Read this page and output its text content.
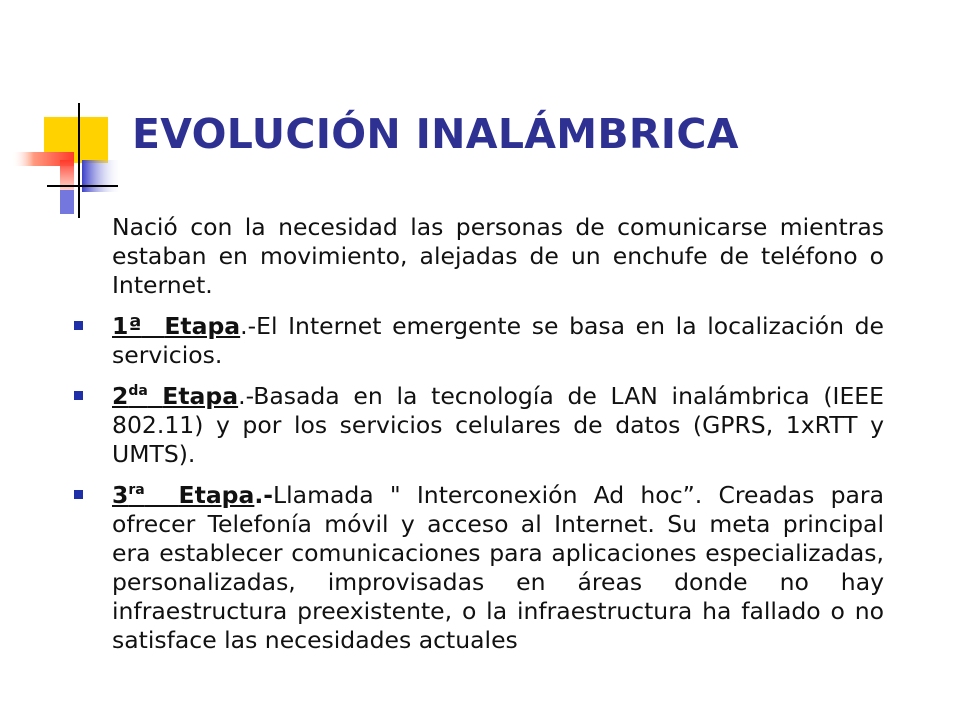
EVOLUCIÓN INALÁMBRICA

Nació con la necesidad las personas de comunicarse mientras estaban en movimiento, alejadas de un enchufe de teléfono o Internet.

1ª Etapa.-El Internet emergente se basa en la localización de servicios.

$2^{da}$ Etapa.-Basada en la tecnología de LAN inalámbrica (IEEE 802.11) y por los servicios celulares de datos (GPRS, 1xRTT y UMTS).

$3^{ra}$ Etapa.-Llamada " Interconexión Ad hoc”. Creadas para ofrecer Telefonía móvil y acceso al Internet. Su meta principal era establecer comunicaciones para aplicaciones especializadas, personalizadas, improvisadas en áreas donde no hay infraestructura preexistente, o la infraestructura ha fallado o no satisface las necesidades actuales
